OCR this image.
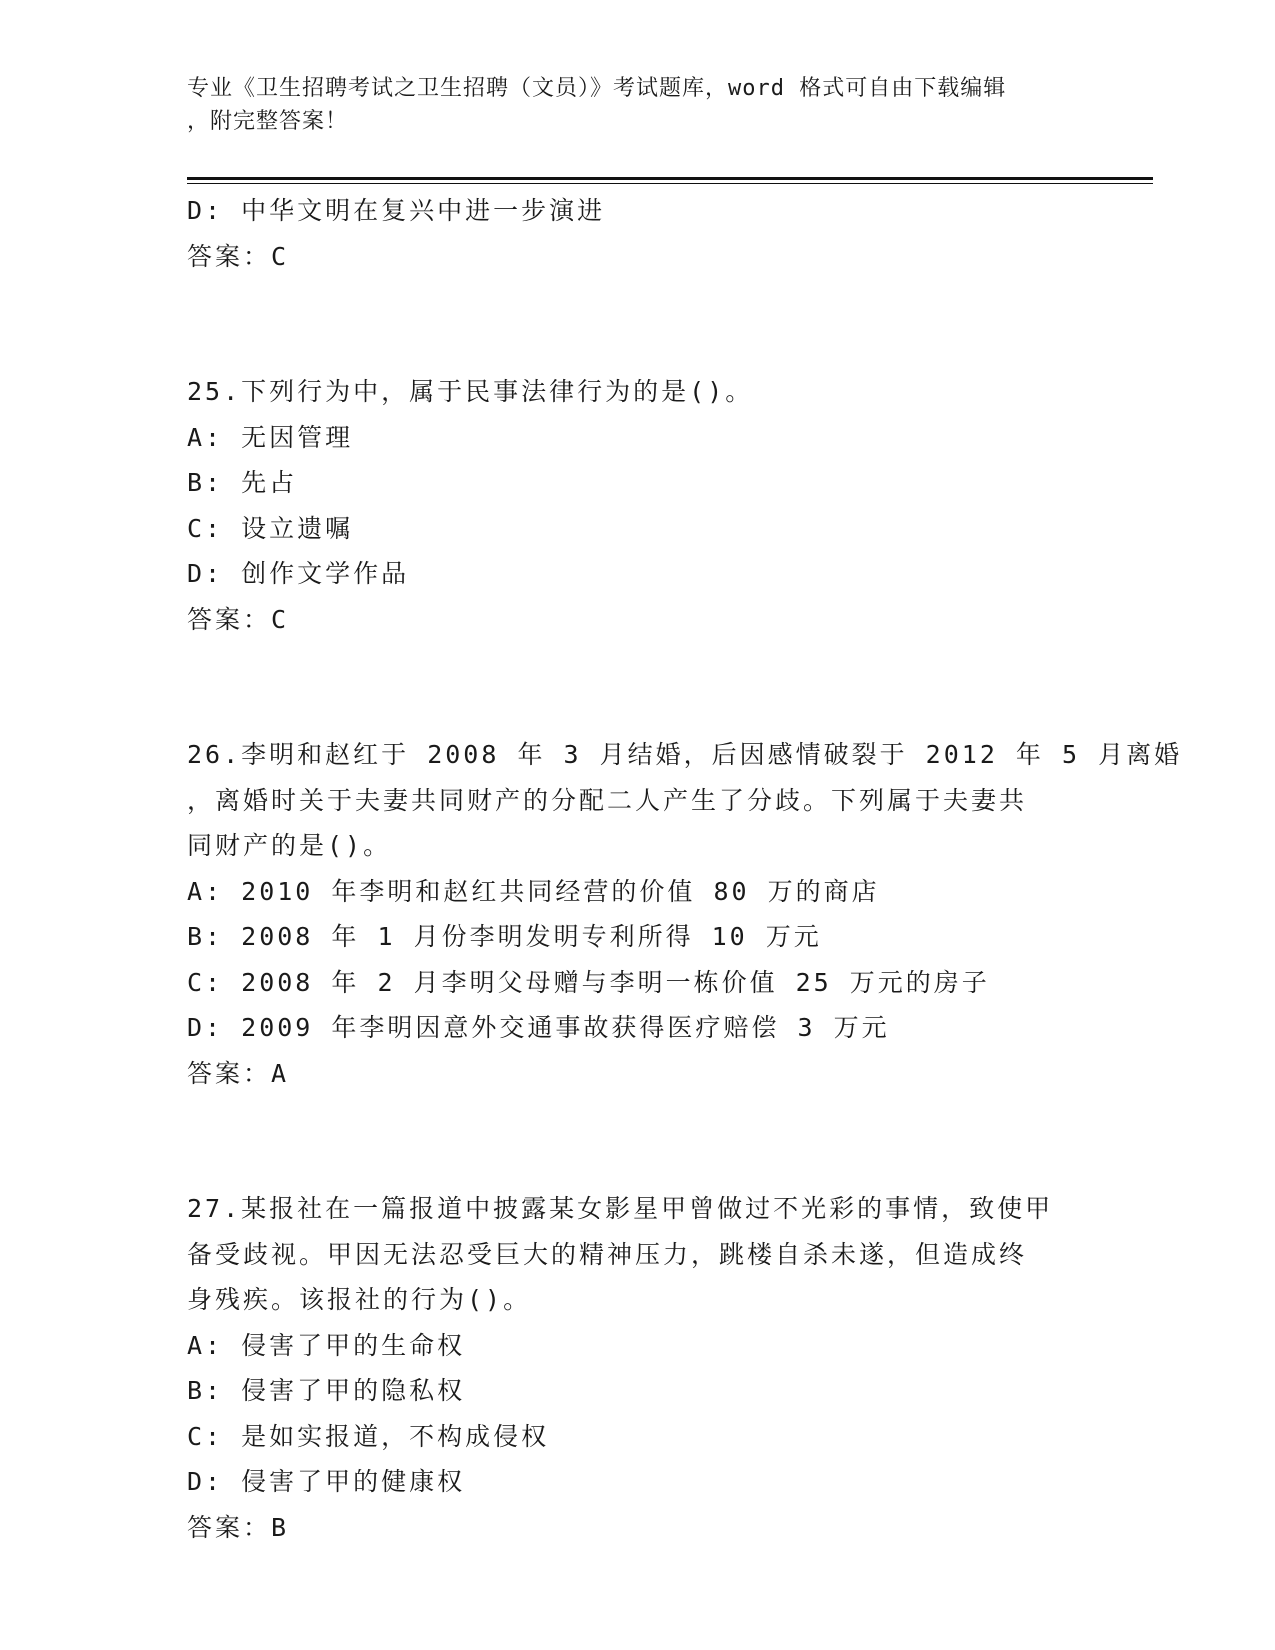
专业《卫生招聘考试之卫生招聘（文员）》考试题库，word 格式可自由下载编辑
，附完整答案！
D: 中华文明在复兴中进一步演进
答案：C
25.下列行为中，属于民事法律行为的是()。
A: 无因管理
B: 先占
C: 设立遗嘱
D: 创作文学作品
答案：C
26.李明和赵红于 2008 年 3 月结婚，后因感情破裂于 2012 年 5 月离婚
，离婚时关于夫妻共同财产的分配二人产生了分歧。下列属于夫妻共
同财产的是()。
A: 2010 年李明和赵红共同经营的价值 80 万的商店
B: 2008 年 1 月份李明发明专利所得 10 万元
C: 2008 年 2 月李明父母赠与李明一栋价值 25 万元的房子
D: 2009 年李明因意外交通事故获得医疗赔偿 3 万元
答案：A
27.某报社在一篇报道中披露某女影星甲曾做过不光彩的事情，致使甲
备受歧视。甲因无法忍受巨大的精神压力，跳楼自杀未遂，但造成终
身残疾。该报社的行为()。
A: 侵害了甲的生命权
B: 侵害了甲的隐私权
C: 是如实报道，不构成侵权
D: 侵害了甲的健康权
答案：B
